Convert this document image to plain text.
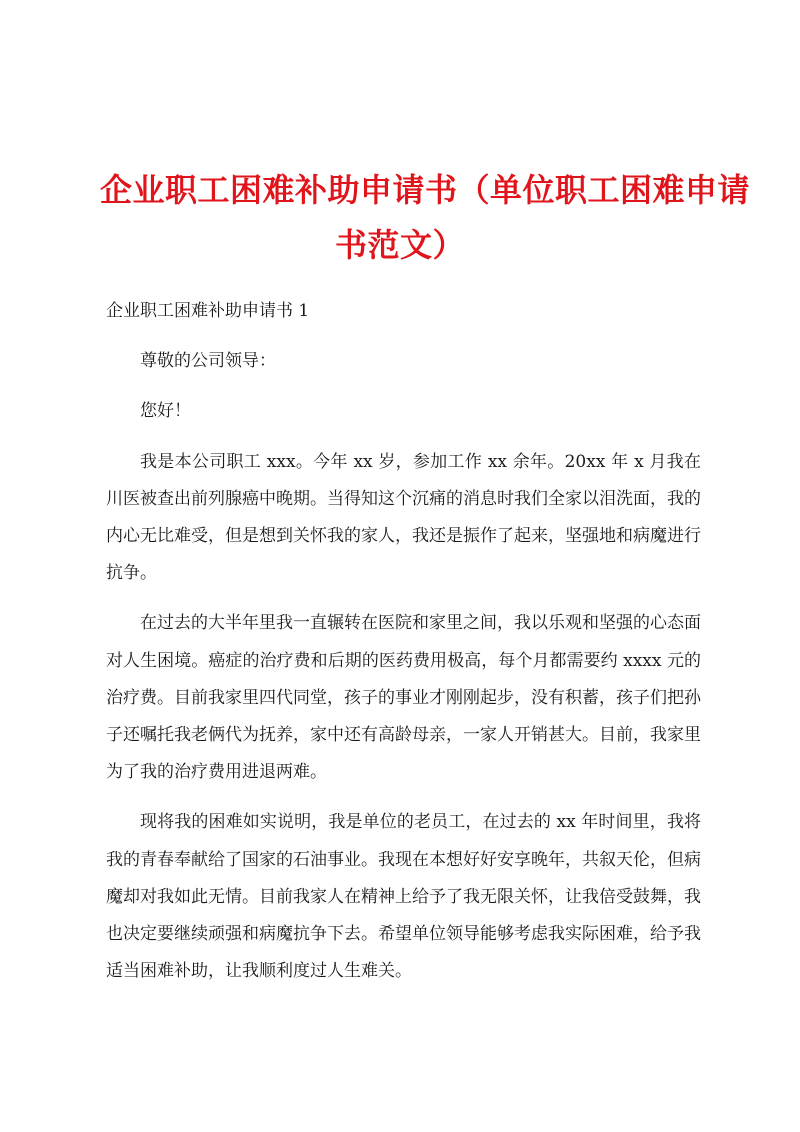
企业职工困难补助申请书（单位职工困难申请
书范文）

企业职工困难补助申请书 1

尊敬的公司领导：

您好！

我是本公司职工 xxx。今年 xx 岁，参加工作 xx 余年。20xx 年 x 月我在川医被查出前列腺癌中晚期。当得知这个沉痛的消息时我们全家以泪洗面，我的内心无比难受，但是想到关怀我的家人，我还是振作了起来，坚强地和病魔进行抗争。

在过去的大半年里我一直辗转在医院和家里之间，我以乐观和坚强的心态面对人生困境。癌症的治疗费和后期的医药费用极高，每个月都需要约 xxxx 元的治疗费。目前我家里四代同堂，孩子的事业才刚刚起步，没有积蓄，孩子们把孙子还嘱托我老俩代为抚养，家中还有高龄母亲，一家人开销甚大。目前，我家里为了我的治疗费用进退两难。

现将我的困难如实说明，我是单位的老员工，在过去的 xx 年时间里，我将我的青春奉献给了国家的石油事业。我现在本想好好安享晚年，共叙天伦，但病魔却对我如此无情。目前我家人在精神上给予了我无限关怀，让我倍受鼓舞，我也决定要继续顽强和病魔抗争下去。希望单位领导能够考虑我实际困难，给予我适当困难补助，让我顺利度过人生难关。
